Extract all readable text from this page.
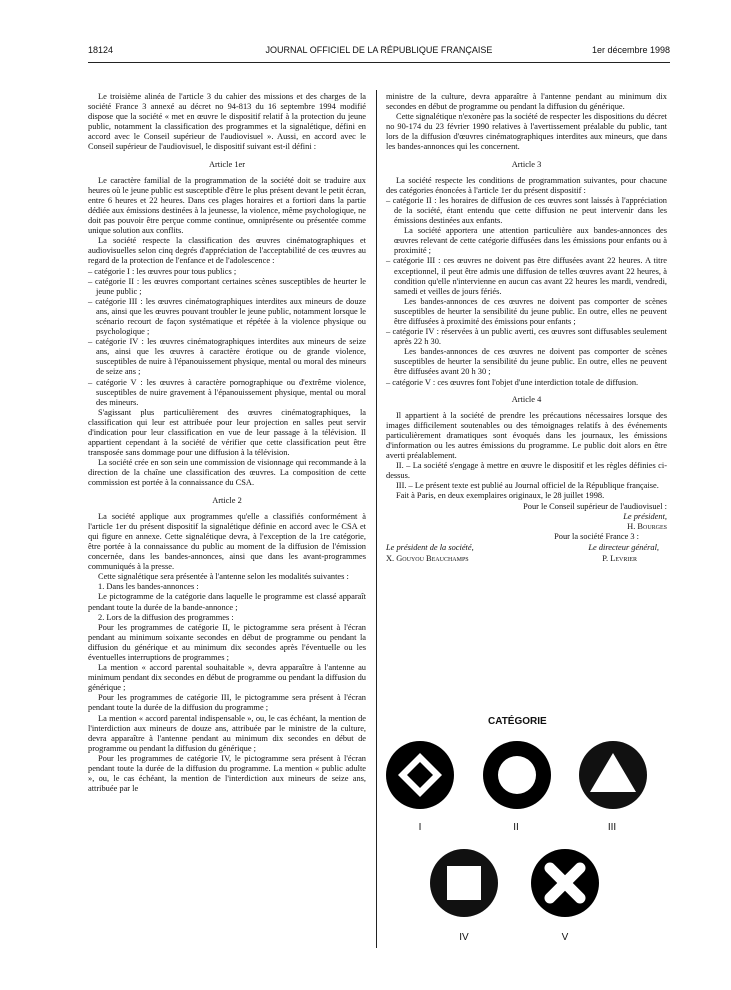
18124	JOURNAL OFFICIEL DE LA RÉPUBLIQUE FRANÇAISE	1er décembre 1998

Le troisième alinéa de l'article 3 du cahier des missions et des charges de la société France 3 annexé au décret no 94-813 du 16 septembre 1994 modifié dispose que la société « met en œuvre le dispositif relatif à la protection du jeune public, notamment la classification des programmes et la signalétique, défini en accord avec le Conseil supérieur de l'audiovisuel ». Aussi, en accord avec le Conseil supérieur de l'audiovisuel, le dispositif suivant est-il défini :

Article 1er

Le caractère familial de la programmation de la société doit se traduire aux heures où le jeune public est susceptible d'être le plus présent devant le petit écran, entre 6 heures et 22 heures. Dans ces plages horaires et a fortiori dans la partie dédiée aux émissions destinées à la jeunesse, la violence, même psychologique, ne doit pas pouvoir être perçue comme continue, omniprésente ou présentée comme unique solution aux conflits.

La société respecte la classification des œuvres cinématographiques et audiovisuelles selon cinq degrés d'appréciation de l'acceptabilité de ces œuvres au regard de la protection de l'enfance et de l'adolescence :

– catégorie I : les œuvres pour tous publics ;

– catégorie II : les œuvres comportant certaines scènes susceptibles de heurter le jeune public ;

– catégorie III : les œuvres cinématographiques interdites aux mineurs de douze ans, ainsi que les œuvres pouvant troubler le jeune public, notamment lorsque le scénario recourt de façon systématique et répétée à la violence physique ou psychologique ;

– catégorie IV : les œuvres cinématographiques interdites aux mineurs de seize ans, ainsi que les œuvres à caractère érotique ou de grande violence, susceptibles de nuire à l'épanouissement physique, mental ou moral des mineurs de seize ans ;

– catégorie V : les œuvres à caractère pornographique ou d'extrême violence, susceptibles de nuire gravement à l'épanouissement physique, mental ou moral des mineurs.

S'agissant plus particulièrement des œuvres cinématographiques, la classification qui leur est attribuée pour leur projection en salles peut servir d'indication pour leur classification en vue de leur passage à la télévision. Il appartient cependant à la société de vérifier que cette classification peut être transposée sans dommage pour une diffusion à la télévision.

La société crée en son sein une commission de visionnage qui recommande à la direction de la chaîne une classification des œuvres. La composition de cette commission est portée à la connaissance du CSA.

Article 2

La société applique aux programmes qu'elle a classifiés conformément à l'article 1er du présent dispositif la signalétique définie en accord avec le CSA et qui figure en annexe. Cette signalétique devra, à l'exception de la 1re catégorie, être portée à la connaissance du public au moment de la diffusion de l'émission concernée, dans les bandes-annonces, ainsi que dans les avant-programmes communiqués à la presse.

Cette signalétique sera présentée à l'antenne selon les modalités suivantes :

1. Dans les bandes-annonces :

Le pictogramme de la catégorie dans laquelle le programme est classé apparaît pendant toute la durée de la bande-annonce ;

2. Lors de la diffusion des programmes :

Pour les programmes de catégorie II, le pictogramme sera présent à l'écran pendant au minimum soixante secondes en début de programme ou pendant la diffusion du générique et au minimum dix secondes après l'éventuelle ou les éventuelles interruptions de programmes ;

La mention « accord parental souhaitable », devra apparaître à l'antenne au minimum pendant dix secondes en début de programme ou pendant la diffusion du générique ;

Pour les programmes de catégorie III, le pictogramme sera présent à l'écran pendant toute la durée de la diffusion du programme ;

La mention « accord parental indispensable », ou, le cas échéant, la mention de l'interdiction aux mineurs de douze ans, attribuée par le ministre de la culture, devra apparaître à l'antenne pendant au minimum dix secondes en début de programme ou pendant la diffusion du générique ;

Pour les programmes de catégorie IV, le pictogramme sera présent à l'écran pendant toute la durée de la diffusion du programme. La mention « public adulte », ou, le cas échéant, la mention de l'interdiction aux mineurs de seize ans, attribuée par le

ministre de la culture, devra apparaître à l'antenne pendant au minimum dix secondes en début de programme ou pendant la diffusion du générique.

Cette signalétique n'exonère pas la société de respecter les dispositions du décret no 90-174 du 23 février 1990 relatives à l'avertissement préalable du public, tant lors de la diffusion d'œuvres cinématographiques interdites aux mineurs, que dans les bandes-annonces qui les concernent.

Article 3

La société respecte les conditions de programmation suivantes, pour chacune des catégories énoncées à l'article 1er du présent dispositif :

– catégorie II : les horaires de diffusion de ces œuvres sont laissés à l'appréciation de la société, étant entendu que cette diffusion ne peut intervenir dans les émissions destinées aux enfants.

La société apportera une attention particulière aux bandes-annonces des œuvres relevant de cette catégorie diffusées dans les émissions pour enfants ou à proximité ;

– catégorie III : ces œuvres ne doivent pas être diffusées avant 22 heures. A titre exceptionnel, il peut être admis une diffusion de telles œuvres avant 22 heures, à condition qu'elle n'intervienne en aucun cas avant 22 heures les mardi, vendredi, samedi et veilles de jours fériés.

Les bandes-annonces de ces œuvres ne doivent pas comporter de scènes susceptibles de heurter la sensibilité du jeune public. En outre, elles ne peuvent être diffusées à proximité des émissions pour enfants ;

– catégorie IV : réservées à un public averti, ces œuvres sont diffusables seulement après 22 h 30.

Les bandes-annonces de ces œuvres ne doivent pas comporter de scènes susceptibles de heurter la sensibilité du jeune public. En outre, elles ne peuvent être diffusées avant 20 h 30 ;

– catégorie V : ces œuvres font l'objet d'une interdiction totale de diffusion.

Article 4

Il appartient à la société de prendre les précautions nécessaires lorsque des images difficilement soutenables ou des témoignages relatifs à des événements particulièrement dramatiques sont évoqués dans les journaux, les émissions d'information ou les autres émissions du programme. Le public doit alors en être averti préalablement.

II. – La société s'engage à mettre en œuvre le dispositif et les règles définies ci-dessus.

III. – Le présent texte est publié au Journal officiel de la République française.

Fait à Paris, en deux exemplaires originaux, le 28 juillet 1998.

Pour le Conseil supérieur de l'audiovisuel :

Le président,

H. Bourges

Pour la société France 3 :

Le président de la société,	Le directeur général,
X. Gouyou Beauchamps	P. Levrier
CATÉGORIE
I	II	III
IV	V
